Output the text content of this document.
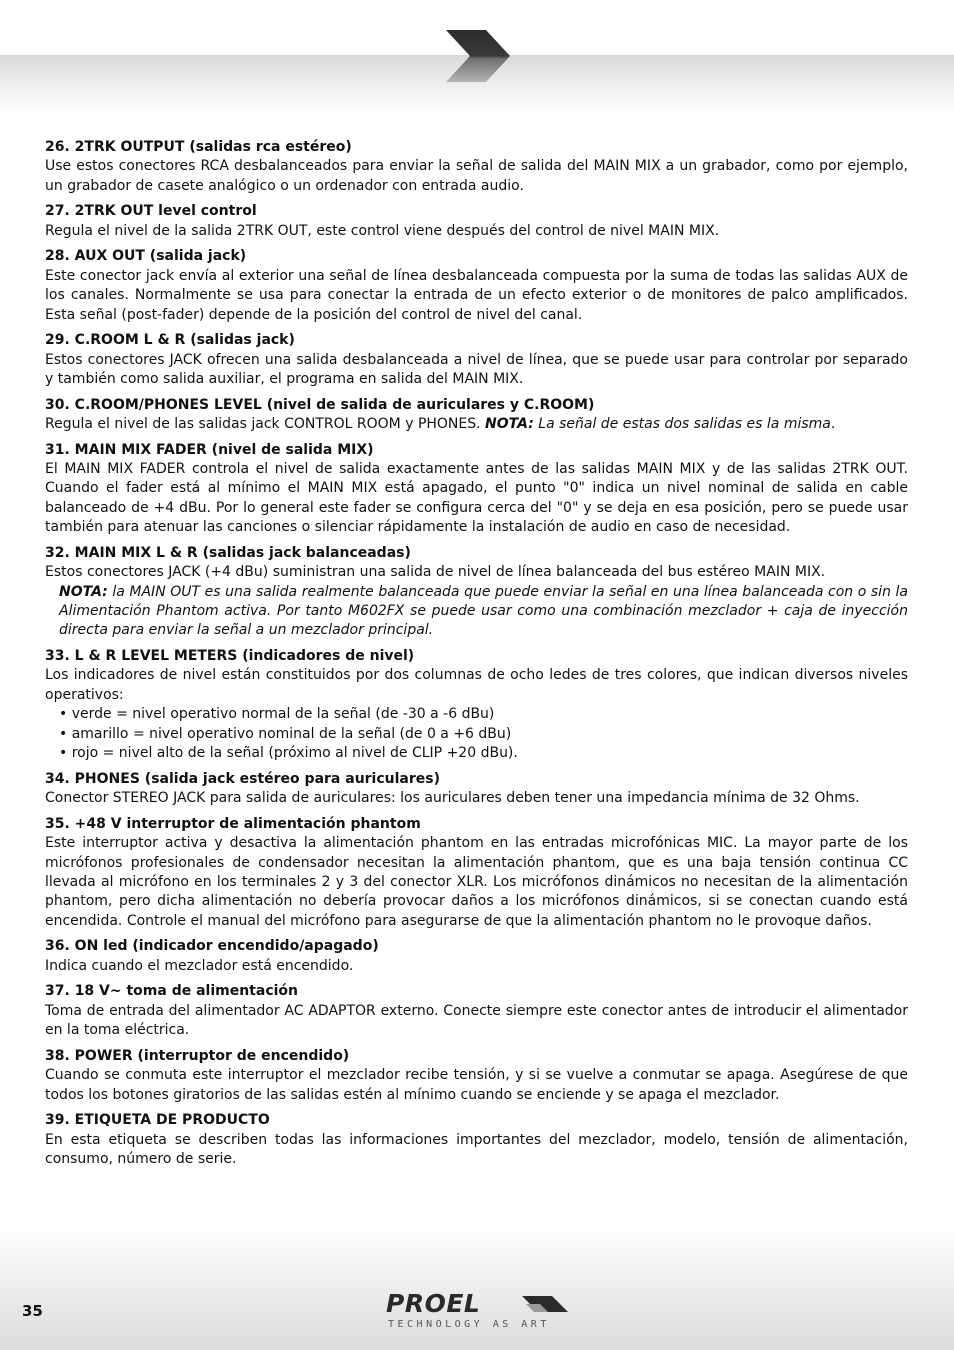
26. 2TRK OUTPUT (salidas rca estéreo)
Use estos conectores RCA desbalanceados para enviar la señal de salida del MAIN MIX a un grabador, como por ejemplo, un grabador de casete analógico o un ordenador con entrada audio.
27. 2TRK OUT level control
Regula el nivel de la salida 2TRK OUT, este control viene después del control de nivel MAIN MIX.
28. AUX OUT (salida jack)
Este conector jack envía al exterior una señal de línea desbalanceada compuesta por la suma de todas las salidas AUX de los canales. Normalmente se usa para conectar la entrada de un efecto exterior o de monitores de palco amplificados. Esta señal (post-fader) depende de la posición del control de nivel del canal.
29. C.ROOM L & R (salidas jack)
Estos conectores JACK ofrecen una salida desbalanceada a nivel de línea, que se puede usar para controlar por separado y también como salida auxiliar, el programa en salida del MAIN MIX.
30. C.ROOM/PHONES LEVEL (nivel de salida de auriculares y C.ROOM)
Regula el nivel de las salidas jack CONTROL ROOM y PHONES. NOTA: La señal de estas dos salidas es la misma.
31. MAIN MIX FADER (nivel de salida MIX)
El MAIN MIX FADER controla el nivel de salida exactamente antes de las salidas MAIN MIX y de las salidas 2TRK OUT. Cuando el fader está al mínimo el MAIN MIX está apagado, el punto "0" indica un nivel nominal de salida en cable balanceado de +4 dBu. Por lo general este fader se configura cerca del "0" y se deja en esa posición, pero se puede usar también para atenuar las canciones o silenciar rápidamente la instalación de audio en caso de necesidad.
32. MAIN MIX L & R (salidas jack balanceadas)
Estos conectores JACK (+4 dBu) suministran una salida de nivel de línea balanceada del bus estéreo MAIN MIX.
NOTA: la MAIN OUT es una salida realmente balanceada que puede enviar la señal en una línea balanceada con o sin la Alimentación Phantom activa. Por tanto M602FX se puede usar como una combinación mezclador + caja de inyección directa para enviar la señal a un mezclador principal.
33. L & R LEVEL METERS (indicadores de nivel)
Los indicadores de nivel están constituidos por dos columnas de ocho ledes de tres colores, que indican diversos niveles operativos:
• verde = nivel operativo normal de la señal (de -30 a -6 dBu)
• amarillo = nivel operativo nominal de la señal (de 0 a +6 dBu)
• rojo = nivel alto de la señal (próximo al nivel de CLIP +20 dBu).
34. PHONES (salida jack estéreo para auriculares)
Conector STEREO JACK para salida de auriculares: los auriculares deben tener una impedancia mínima de 32 Ohms.
35. +48 V interruptor de alimentación phantom
Este interruptor activa y desactiva la alimentación phantom en las entradas microfónicas MIC. La mayor parte de los micrófonos profesionales de condensador necesitan la alimentación phantom, que es una baja tensión continua CC llevada al micrófono en los terminales 2 y 3 del conector XLR. Los micrófonos dinámicos no necesitan de la alimentación phantom, pero dicha alimentación no debería provocar daños a los micrófonos dinámicos, si se conectan cuando está encendida. Controle el manual del micrófono para asegurarse de que la alimentación phantom no le provoque daños.
36. ON led (indicador encendido/apagado)
Indica cuando el mezclador está encendido.
37. 18 V~ toma de alimentación
Toma de entrada del alimentador AC ADAPTOR externo. Conecte siempre este conector antes de introducir el alimentador en la toma eléctrica.
38. POWER (interruptor de encendido)
Cuando se conmuta este interruptor el mezclador recibe tensión, y si se vuelve a conmutar se apaga. Asegúrese de que todos los botones giratorios de las salidas estén al mínimo cuando se enciende y se apaga el mezclador.
39. ETIQUETA DE PRODUCTO
En esta etiqueta se describen todas las informaciones importantes del mezclador, modelo, tensión de alimentación, consumo, número de serie.
35	PROEL
TECHNOLOGY AS ART
